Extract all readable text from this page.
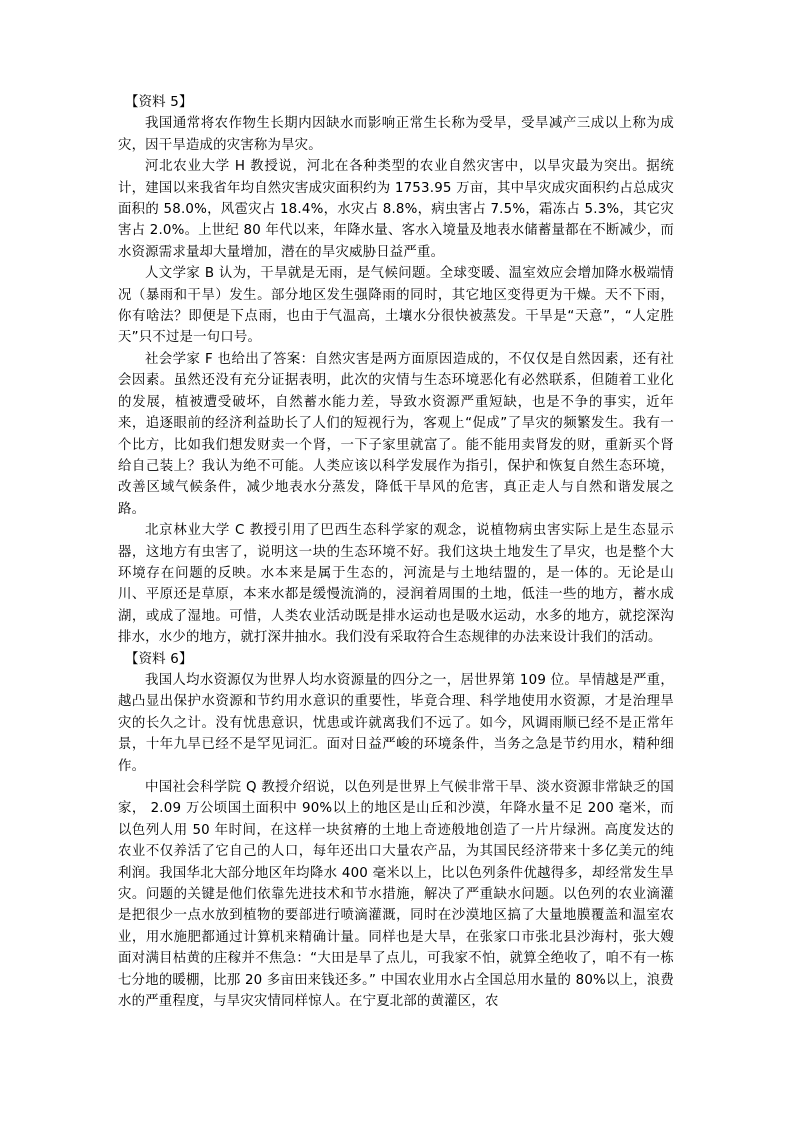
【资料 5】

我国通常将农作物生长期内因缺水而影响正常生长称为受旱，受旱减产三成以上称为成灾，因干旱造成的灾害称为旱灾。

河北农业大学 H 教授说，河北在各种类型的农业自然灾害中，以旱灾最为突出。据统计，建国以来我省年均自然灾害成灾面积约为 1753.95 万亩，其中旱灾成灾面积约占总成灾面积的 58.0%，风雹灾占 18.4%，水灾占 8.8%，病虫害占 7.5%，霜冻占 5.3%，其它灾害占 2.0%。上世纪 80 年代以来，年降水量、客水入境量及地表水储蓄量都在不断减少，而水资源需求量却大量增加，潜在的旱灾威胁日益严重。

人文学家 B 认为，干旱就是无雨，是气候问题。全球变暖、温室效应会增加降水极端情况（暴雨和干旱）发生。部分地区发生强降雨的同时，其它地区变得更为干燥。天不下雨，你有啥法？即便是下点雨，也由于气温高，土壤水分很快被蒸发。干旱是“天意”，“人定胜天”只不过是一句口号。

社会学家 F 也给出了答案：自然灾害是两方面原因造成的，不仅仅是自然因素，还有社会因素。虽然还没有充分证据表明，此次的灾情与生态环境恶化有必然联系，但随着工业化的发展，植被遭受破坏，自然蓄水能力差，导致水资源严重短缺，也是不争的事实，近年来，追逐眼前的经济利益助长了人们的短视行为，客观上“促成”了旱灾的频繁发生。我有一个比方，比如我们想发财卖一个肾，一下子家里就富了。能不能用卖肾发的财，重新买个肾给自己装上？我认为绝不可能。人类应该以科学发展作为指引，保护和恢复自然生态环境，改善区域气候条件，减少地表水分蒸发，降低干旱风的危害，真正走人与自然和谐发展之路。

北京林业大学 C 教授引用了巴西生态科学家的观念，说植物病虫害实际上是生态显示器，这地方有虫害了，说明这一块的生态环境不好。我们这块土地发生了旱灾，也是整个大环境存在问题的反映。水本来是属于生态的，河流是与土地结盟的，是一体的。无论是山川、平原还是草原，本来水都是缓慢流淌的，浸润着周围的土地，低洼一些的地方，蓄水成湖，或成了湿地。可惜，人类农业活动既是排水运动也是吸水运动，水多的地方，就挖深沟排水，水少的地方，就打深井抽水。我们没有采取符合生态规律的办法来设计我们的活动。

【资料 6】

我国人均水资源仅为世界人均水资源量的四分之一，居世界第 109 位。旱情越是严重，越凸显出保护水资源和节约用水意识的重要性，毕竟合理、科学地使用水资源，才是治理旱灾的长久之计。没有忧患意识，忧患或许就离我们不远了。如今，风调雨顺已经不是正常年景，十年九旱已经不是罕见词汇。面对日益严峻的环境条件，当务之急是节约用水，精种细作。

中国社会科学院 Q 教授介绍说，以色列是世界上气候非常干旱、淡水资源非常缺乏的国家， 2.09 万公顷国土面积中 90%以上的地区是山丘和沙漠，年降水量不足 200 毫米，而以色列人用 50 年时间，在这样一块贫瘠的土地上奇迹般地创造了一片片绿洲。高度发达的农业不仅养活了它自己的人口，每年还出口大量农产品，为其国民经济带来十多亿美元的纯利润。我国华北大部分地区年均降水 400 毫米以上，比以色列条件优越得多，却经常发生旱灾。问题的关键是他们依靠先进技术和节水措施，解决了严重缺水问题。以色列的农业滴灌是把很少一点水放到植物的要部进行喷滴灌溉，同时在沙漠地区搞了大量地膜覆盖和温室农业，用水施肥都通过计算机来精确计量。同样也是大旱，在张家口市张北县沙海村，张大嫂面对满目枯黄的庄稼并不焦急：“大田是旱了点儿，可我家不怕，就算全绝收了，咱不有一栋七分地的暖棚，比那 20 多亩田来钱还多。” 中国农业用水占全国总用水量的 80%以上，浪费水的严重程度，与旱灾灾情同样惊人。在宁夏北部的黄灌区，农
